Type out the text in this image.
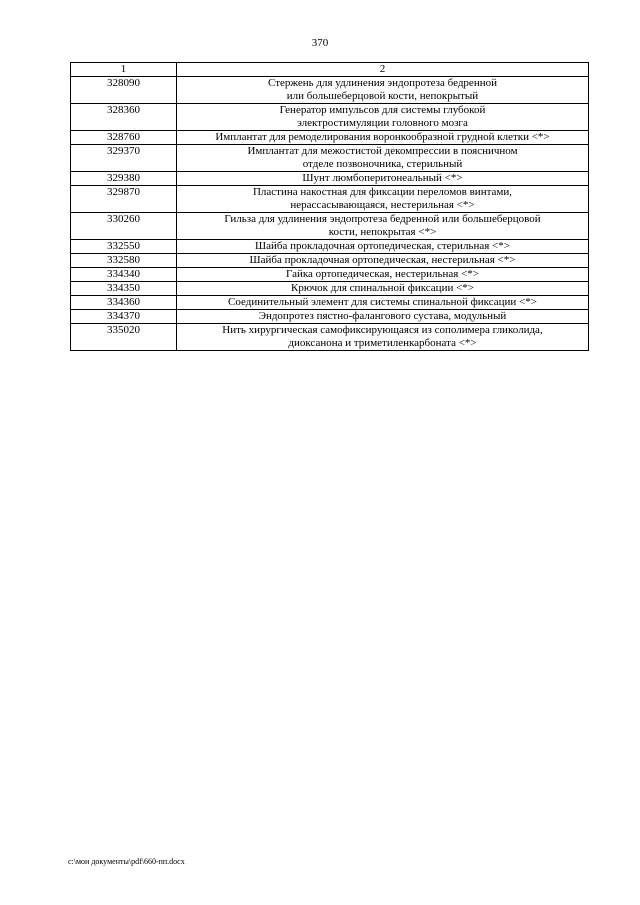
370
1	2
328090	Стержень для удлинения эндопротеза бедренной
или большеберцовой кости, непокрытый

328360	Генератор импульсов для системы глубокой
электростимуляции головного мозга

328760	Имплантат для ремоделирования воронкообразной грудной клетки <*>

329370	Имплантат для межостистой декомпрессии в поясничном
отделе позвоночника, стерильный

329380	Шунт люмбоперитонеальный <*>

329870	Пластина накостная для фиксации переломов винтами,
нерассасывающаяся, нестерильная <*>

330260	Гильза для удлинения эндопротеза бедренной или большеберцовой
кости, непокрытая <*>

332550	Шайба прокладочная ортопедическая, стерильная <*>

332580	Шайба прокладочная ортопедическая, нестерильная <*>

334340	Гайка ортопедическая, нестерильная <*>

334350	Крючок для спинальной фиксации <*>

334360	Соединительный элемент для системы спинальной фиксации <*>

334370	Эндопротез пястно-фалангового сустава, модульный

335020	Нить хирургическая самофиксирующаяся из сополимера гликолида,
диоксанона и триметиленкарбоната <*>
c:\мои документы\pdf\660-пп.docx
